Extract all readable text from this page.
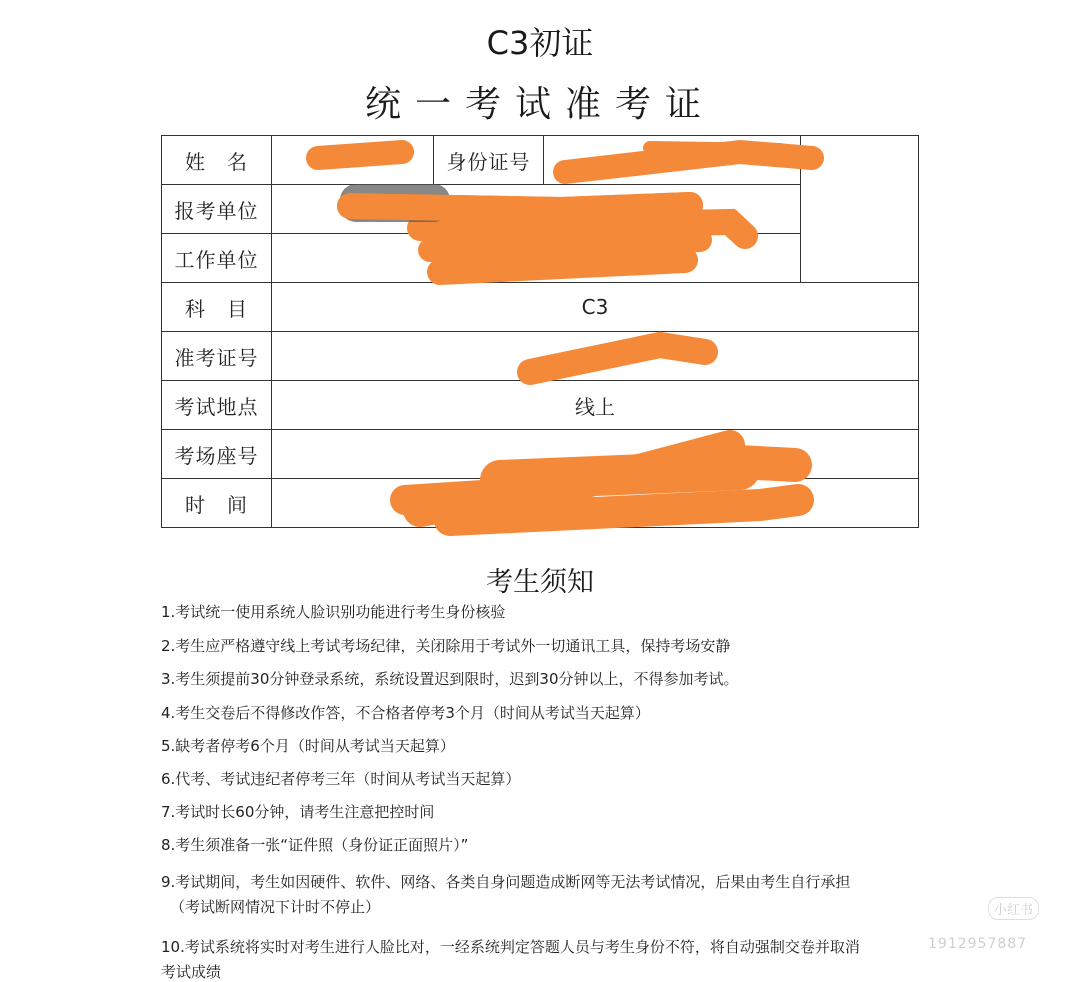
C3初证
统一考试准考证
姓　名		身份证号		
报考单位				
工作单位				
科　目	C3			
准考证号				
考试地点	线上			
考场座号				
时　间				
考生须知
1.考试统一使用系统人脸识别功能进行考生身份核验
2.考生应严格遵守线上考试考场纪律，关闭除用于考试外一切通讯工具，保持考场安静
3.考生须提前30分钟登录系统，系统设置迟到限时，迟到30分钟以上，不得参加考试。
4.考生交卷后不得修改作答，不合格者停考3个月（时间从考试当天起算）
5.缺考者停考6个月（时间从考试当天起算）
6.代考、考试违纪者停考三年（时间从考试当天起算）
7.考试时长60分钟，请考生注意把控时间
8.考生须准备一张“证件照（身份证正面照片）”
9.考试期间，考生如因硬件、软件、网络、各类自身问题造成断网等无法考试情况，后果由考生自行承担
（考试断网情况下计时不停止）
10.考试系统将实时对考生进行人脸比对，一经系统判定答题人员与考生身份不符，将自动强制交卷并取消
考试成绩
小红书
1912957887
